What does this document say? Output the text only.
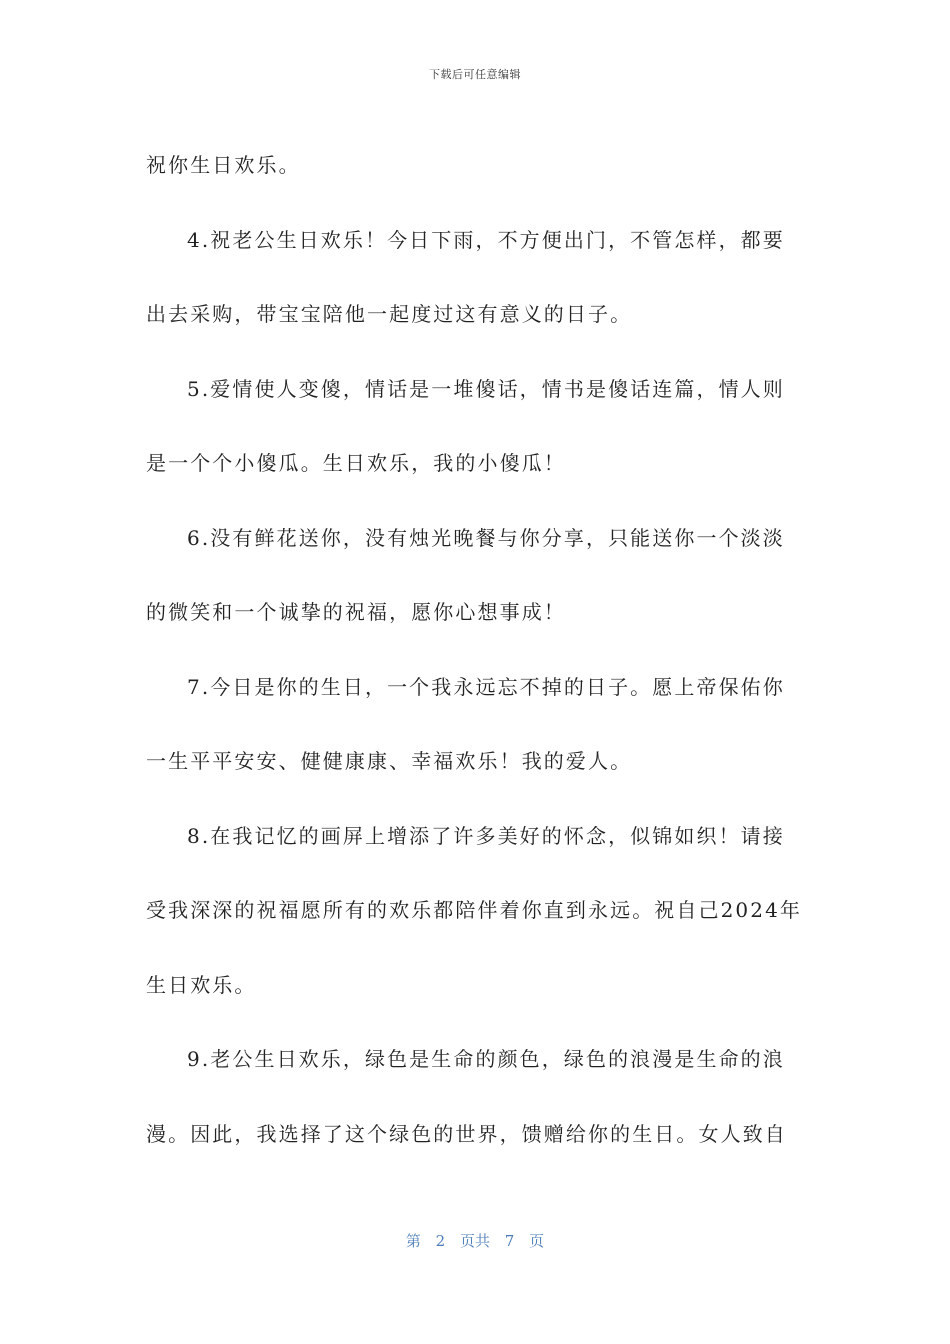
下载后可任意编辑
祝你生日欢乐。
4.祝老公生日欢乐！今日下雨，不方便出门，不管怎样，都要
出去采购，带宝宝陪他一起度过这有意义的日子。
5.爱情使人变傻，情话是一堆傻话，情书是傻话连篇，情人则
是一个个小傻瓜。生日欢乐，我的小傻瓜！
6.没有鲜花送你，没有烛光晚餐与你分享，只能送你一个淡淡
的微笑和一个诚挚的祝福，愿你心想事成！
7.今日是你的生日，一个我永远忘不掉的日子。愿上帝保佑你
一生平平安安、健健康康、幸福欢乐！我的爱人。
8.在我记忆的画屏上增添了许多美好的怀念，似锦如织！请接
受我深深的祝福愿所有的欢乐都陪伴着你直到永远。祝自己2024年
生日欢乐。
9.老公生日欢乐，绿色是生命的颜色，绿色的浪漫是生命的浪
漫。因此，我选择了这个绿色的世界，馈赠给你的生日。女人致自
第 2 页共 7 页
